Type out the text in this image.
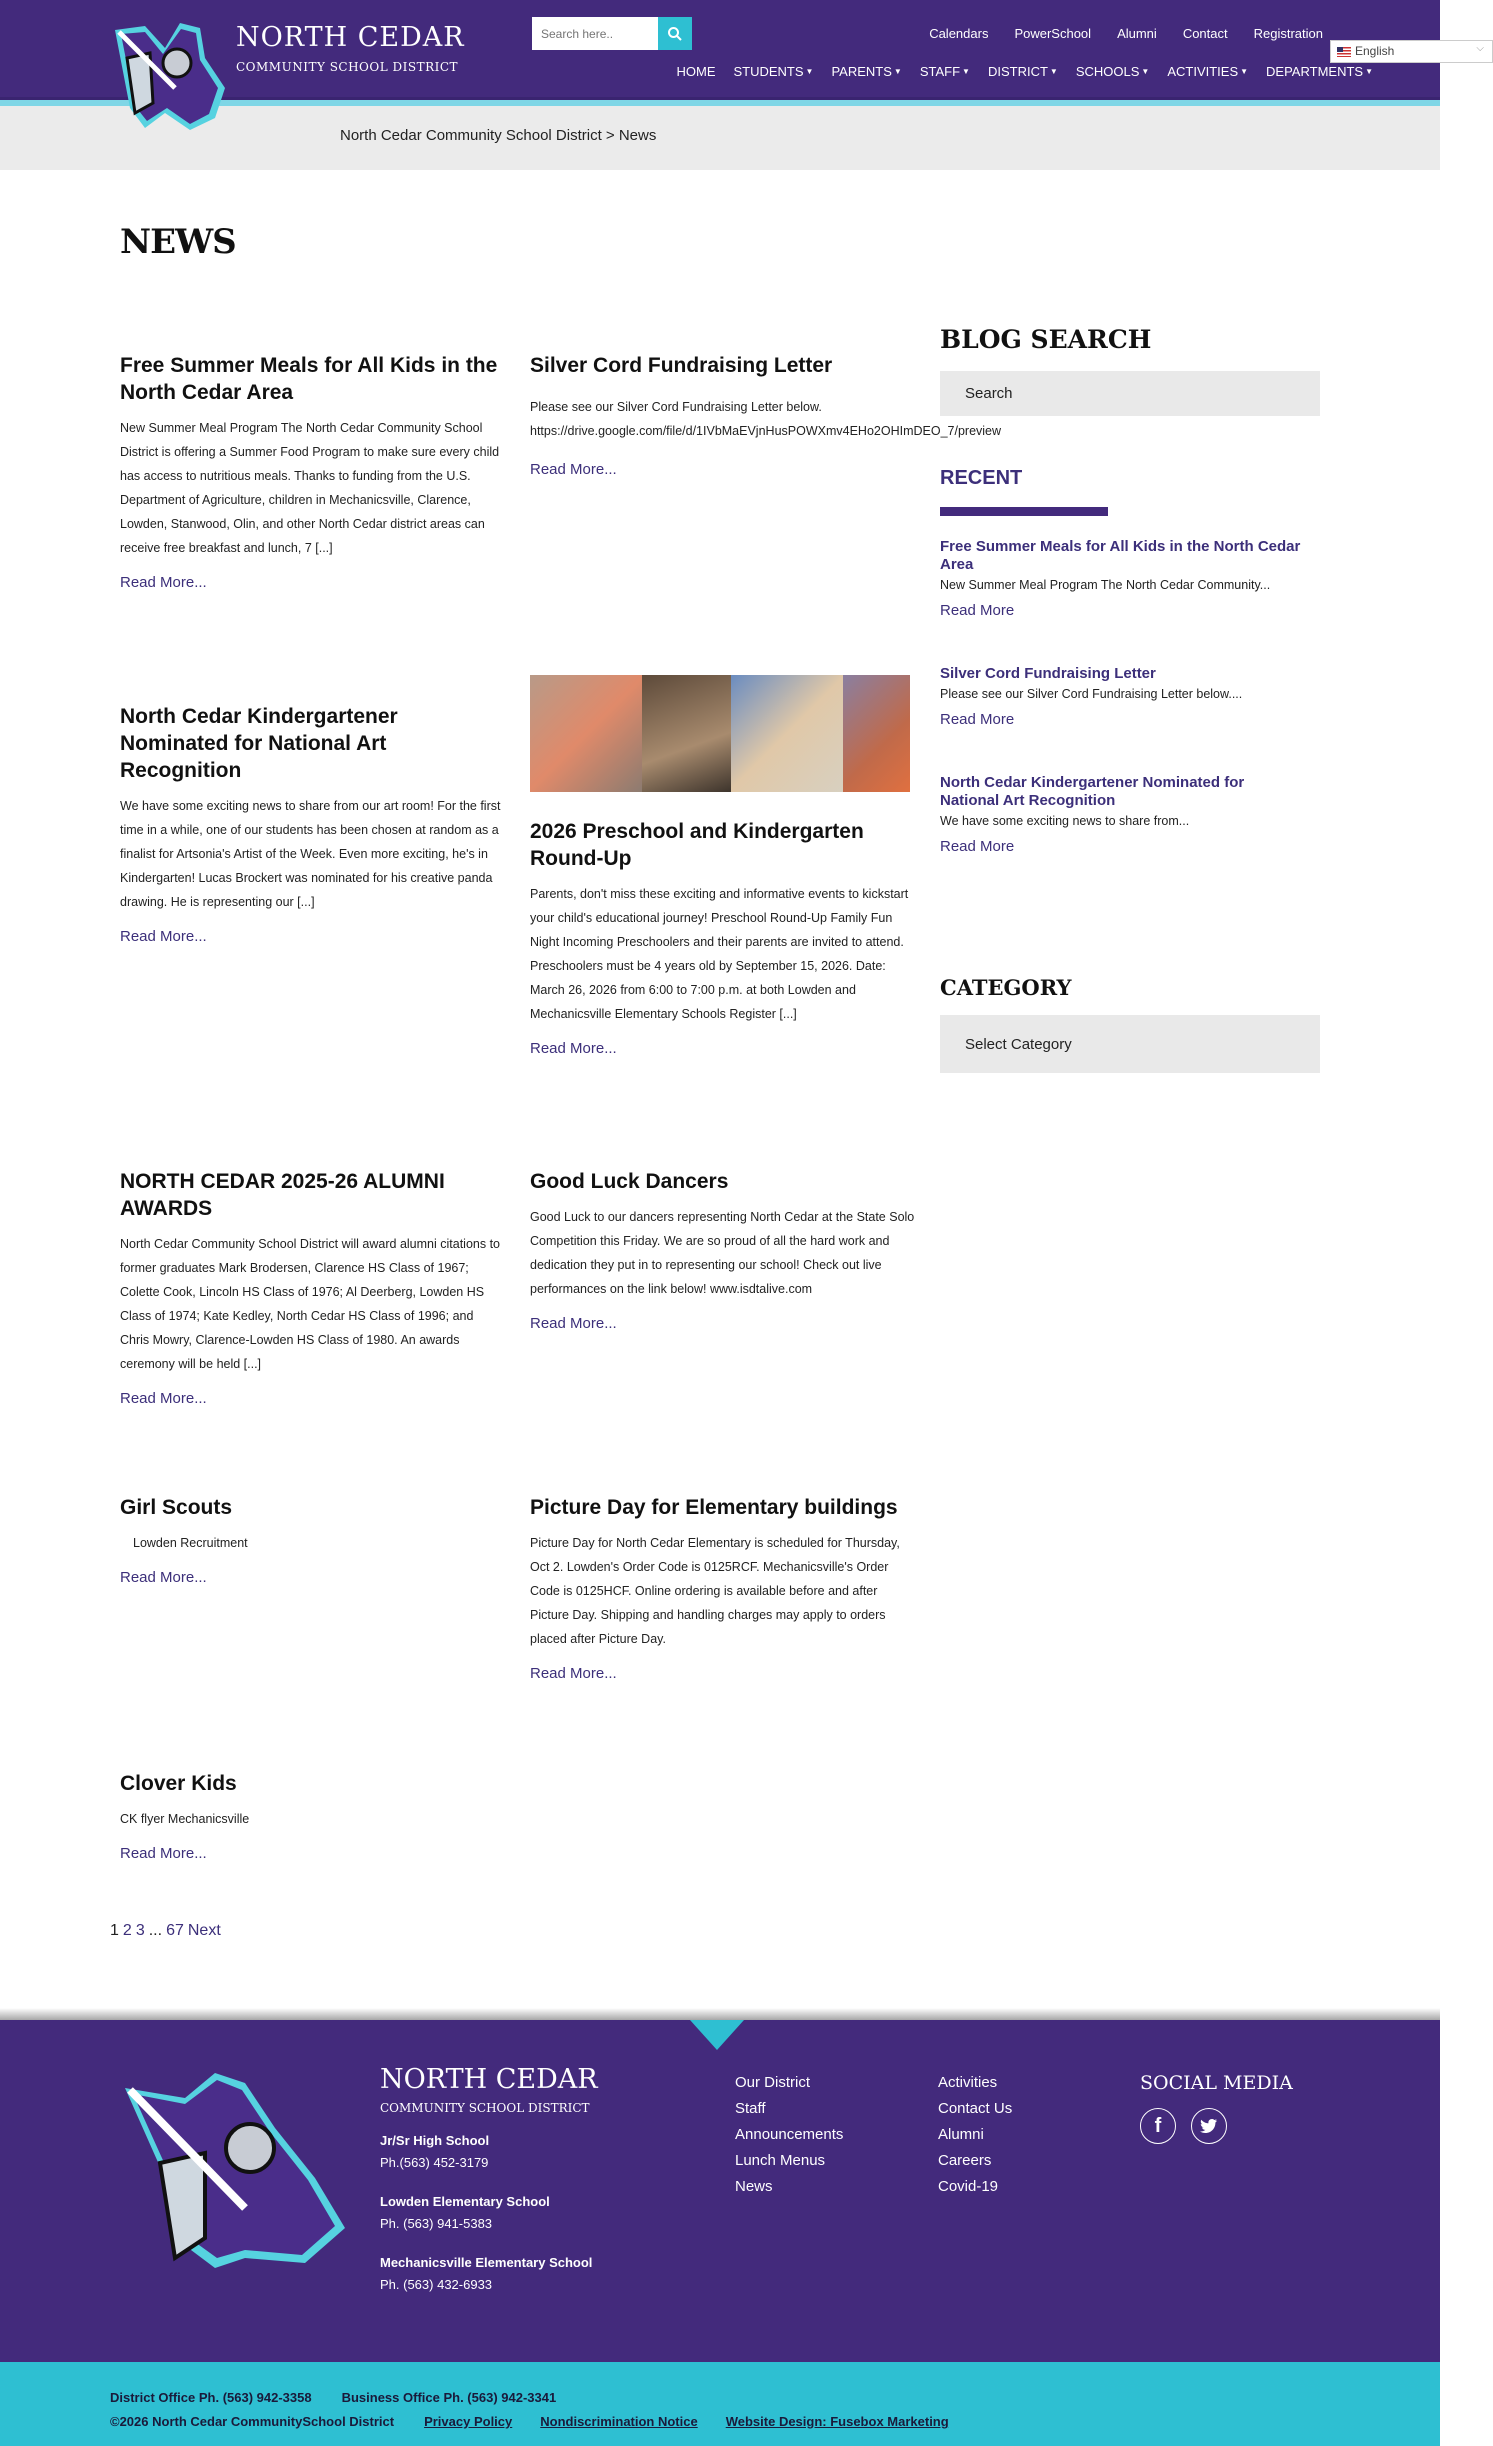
NORTH CEDAR
COMMUNITY SCHOOL DISTRICT
Search here..
Calendars PowerSchool Alumni Contact Registration
HOME STUDENTS ▼ PARENTS ▼ STAFF ▼ DISTRICT ▼ SCHOOLS ▼ ACTIVITIES ▼ DEPARTMENTS ▼
English	⌵
North Cedar Community School District > News
NEWS
Free Summer Meals for All Kids in the North Cedar Area

New Summer Meal Program The North Cedar Community School District is offering a Summer Food Program to make sure every child has access to nutritious meals. Thanks to funding from the U.S. Department of Agriculture, children in Mechanicsville, Clarence, Lowden, Stanwood, Olin, and other North Cedar district areas can receive free breakfast and lunch, 7 [...]

Read More...
Silver Cord Fundraising Letter

Please see our Silver Cord Fundraising Letter below. https://drive.google.com/file/d/1IVbMaEVjnHusPOWXmv4EHo2OHImDEO_7/preview

Read More...
North Cedar Kindergartener Nominated for National Art Recognition

We have some exciting news to share from our art room! For the first time in a while, one of our students has been chosen at random as a finalist for Artsonia's Artist of the Week. Even more exciting, he's in Kindergarten! Lucas Brockert was nominated for his creative panda drawing. He is representing our [...]

Read More...
2026 Preschool and Kindergarten Round-Up

Parents, don't miss these exciting and informative events to kickstart your child's educational journey! Preschool Round-Up Family Fun Night Incoming Preschoolers and their parents are invited to attend. Preschoolers must be 4 years old by September 15, 2026. Date: March 26, 2026 from 6:00 to 7:00 p.m. at both Lowden and Mechanicsville Elementary Schools Register [...]

Read More...
NORTH CEDAR 2025-26 ALUMNI AWARDS

North Cedar Community School District will award alumni citations to former graduates Mark Brodersen, Clarence HS Class of 1967; Colette Cook, Lincoln HS Class of 1976; Al Deerberg, Lowden HS Class of 1974; Kate Kedley, North Cedar HS Class of 1996; and Chris Mowry, Clarence-Lowden HS Class of 1980. An awards ceremony will be held [...]

Read More...
Good Luck Dancers

Good Luck to our dancers representing North Cedar at the State Solo Competition this Friday. We are so proud of all the hard work and dedication they put in to representing our school! Check out live performances on the link below! www.isdtalive.com

Read More...
Girl Scouts

Lowden Recruitment

Read More...
Picture Day for Elementary buildings

Picture Day for North Cedar Elementary is scheduled for Thursday, Oct 2. Lowden's Order Code is 0125RCF. Mechanicsville's Order Code is 0125HCF. Online ordering is available before and after Picture Day. Shipping and handling charges may apply to orders placed after Picture Day.

Read More...
Clover Kids

CK flyer Mechanicsville

Read More...
1 2 3 ... 67 Next
BLOG SEARCH
Search
RECENT
Free Summer Meals for All Kids in the North Cedar Area
New Summer Meal Program The North Cedar Community...
Read More
Silver Cord Fundraising Letter
Please see our Silver Cord Fundraising Letter below....
Read More
North Cedar Kindergartener Nominated for National Art Recognition
We have some exciting news to share from...
Read More
CATEGORY
Select Category
NORTH CEDAR
COMMUNITY SCHOOL DISTRICT
Jr/Sr High School
Ph.(563) 452-3179
Lowden Elementary School
Ph. (563) 941-5383
Mechanicsville Elementary School
Ph. (563) 432-6933
Our District
Staff
Announcements
Lunch Menus
News
Activities
Contact Us
Alumni
Careers
Covid-19
SOCIAL MEDIA
f
District Office Ph. (563) 942-3358 Business Office Ph. (563) 942-3341
©2026 North Cedar CommunitySchool District Privacy Policy Nondiscrimination Notice Website Design: Fusebox Marketing
